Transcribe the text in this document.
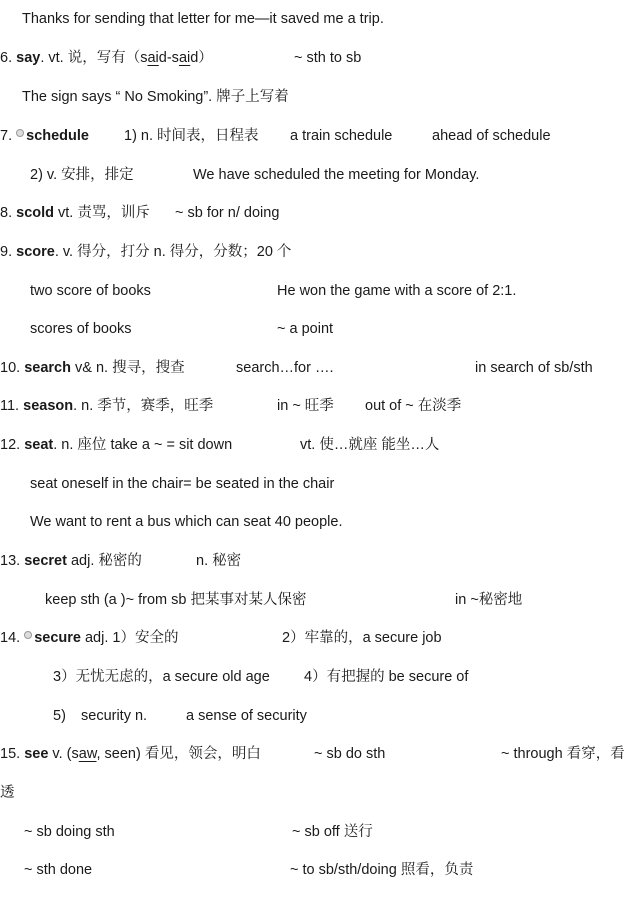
Thanks for sending that letter for me—it saved me a trip.
6. say. vt. 说，写有（said-said）	~ sth to sb
The sign says “ No Smoking”. 牌子上写着
7. schedule 1) n. 时间表，日程表 a train schedule	ahead of schedule
2) v. 安排，排定	We have scheduled the meeting for Monday.
8. scold vt. 责骂，训斥 ~ sb for n/ doing
9. score. v. 得分，打分 n. 得分，分数；20 个
two score of books	He won the game with a score of 2:1.
scores of books	~ a point
10. search v& n. 搜寻，搜查	search…for ….	in search of sb/sth
11. season. n. 季节，赛季，旺季	in ~ 旺季 out of ~ 在淡季
12. seat. n. 座位 take a ~ = sit down	vt. 使…就座 能坐…人
seat oneself in the chair= be seated in the chair
We want to rent a bus which can seat 40 people.
13. secret adj. 秘密的	n. 秘密
keep sth (a )~ from sb 把某事对某人保密	in ~秘密地
14. secure adj. 1）安全的	2）牢靠的，a secure job
3）无忧无虑的，a secure old age 4）有把握的 be secure of
5) security n.	a sense of security
15. see v. (saw, seen) 看见，领会，明白	~ sb do sth	~ through 看穿，看
透
~ sb doing sth	~ sb off 送行
~ sth done	~ to sb/sth/doing 照看，负责
